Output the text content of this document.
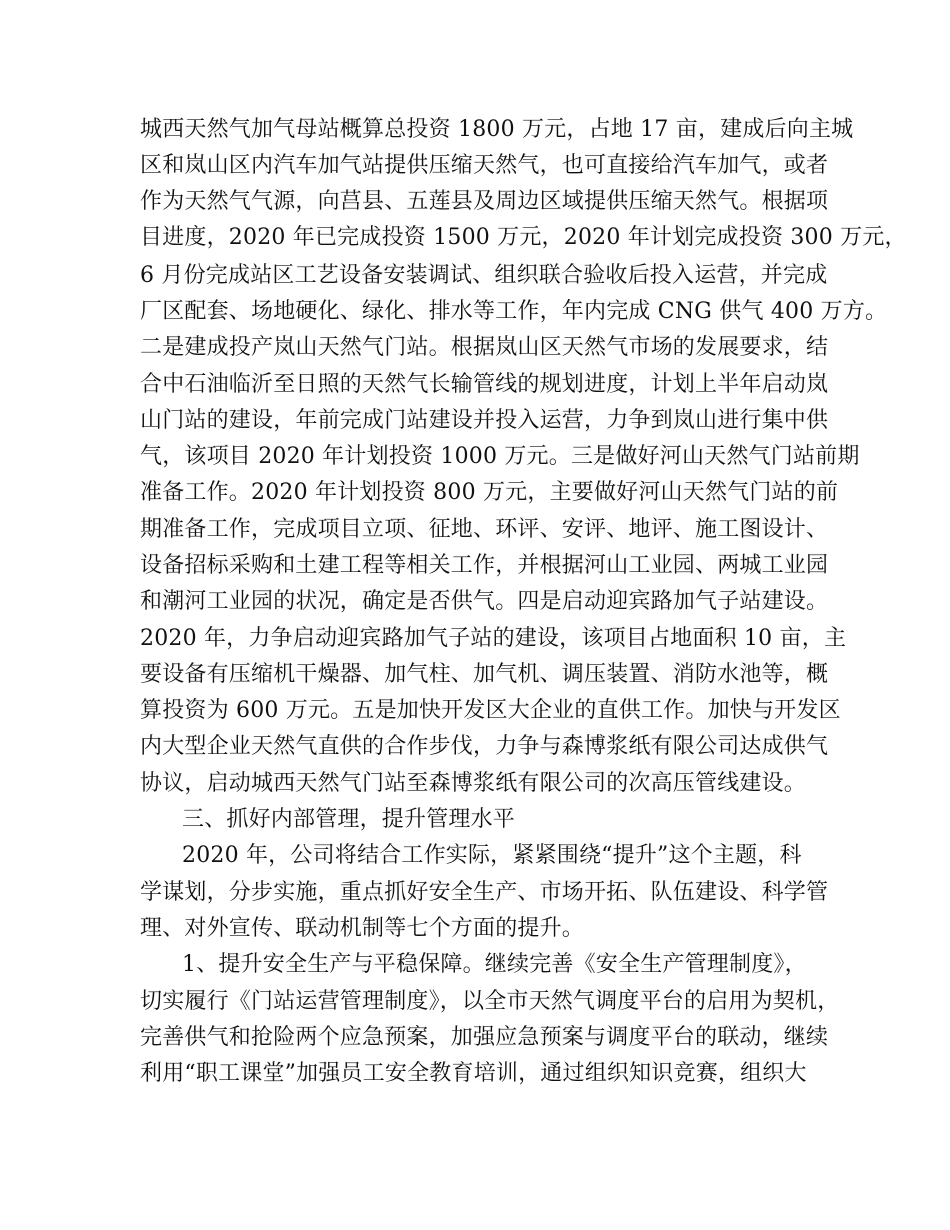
城西天然气加气母站概算总投资 1800 万元，占地 17 亩，建成后向主城
区和岚山区内汽车加气站提供压缩天然气，也可直接给汽车加气，或者
作为天然气气源，向莒县、五莲县及周边区域提供压缩天然气。根据项
目进度，2020 年已完成投资 1500 万元，2020 年计划完成投资 300 万元，
6 月份完成站区工艺设备安装调试、组织联合验收后投入运营，并完成
厂区配套、场地硬化、绿化、排水等工作，年内完成 CNG 供气 400 万方。
二是建成投产岚山天然气门站。根据岚山区天然气市场的发展要求，结
合中石油临沂至日照的天然气长输管线的规划进度，计划上半年启动岚
山门站的建设，年前完成门站建设并投入运营，力争到岚山进行集中供
气，该项目 2020 年计划投资 1000 万元。三是做好河山天然气门站前期
准备工作。2020 年计划投资 800 万元，主要做好河山天然气门站的前
期准备工作，完成项目立项、征地、环评、安评、地评、施工图设计、
设备招标采购和土建工程等相关工作，并根据河山工业园、两城工业园
和潮河工业园的状况，确定是否供气。四是启动迎宾路加气子站建设。
2020 年，力争启动迎宾路加气子站的建设，该项目占地面积 10 亩，主
要设备有压缩机干燥器、加气柱、加气机、调压装置、消防水池等，概
算投资为 600 万元。五是加快开发区大企业的直供工作。加快与开发区
内大型企业天然气直供的合作步伐，力争与森博浆纸有限公司达成供气
协议，启动城西天然气门站至森博浆纸有限公司的次高压管线建设。
三、抓好内部管理，提升管理水平
2020 年，公司将结合工作实际，紧紧围绕“提升”这个主题，科
学谋划，分步实施，重点抓好安全生产、市场开拓、队伍建设、科学管
理、对外宣传、联动机制等七个方面的提升。
1、提升安全生产与平稳保障。继续完善《安全生产管理制度》，
切实履行《门站运营管理制度》，以全市天然气调度平台的启用为契机，
完善供气和抢险两个应急预案，加强应急预案与调度平台的联动，继续
利用“职工课堂”加强员工安全教育培训，通过组织知识竞赛，组织大
